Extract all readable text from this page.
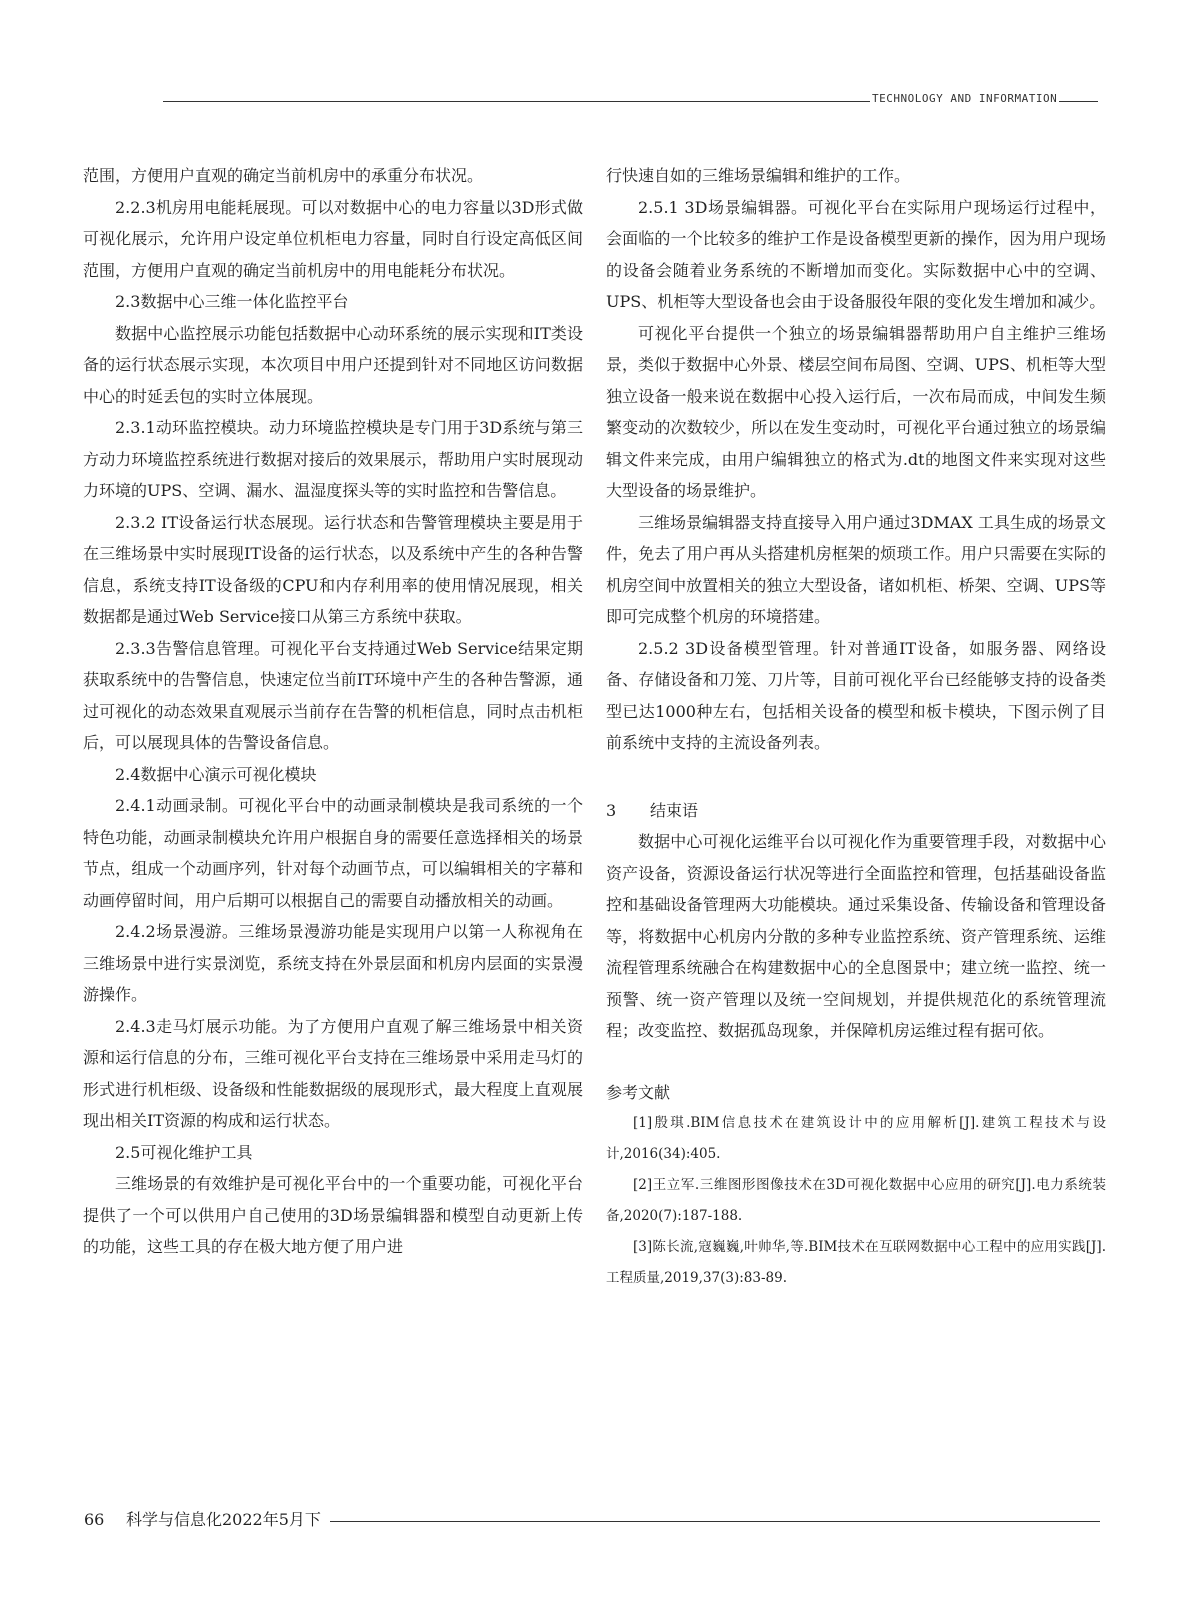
TECHNOLOGY AND INFORMATION

范围，方便用户直观的确定当前机房中的承重分布状况。

2.2.3机房用电能耗展现。可以对数据中心的电力容量以3D形式做可视化展示，允许用户设定单位机柜电力容量，同时自行设定高低区间范围，方便用户直观的确定当前机房中的用电能耗分布状况。

2.3数据中心三维一体化监控平台

数据中心监控展示功能包括数据中心动环系统的展示实现和IT类设备的运行状态展示实现，本次项目中用户还提到针对不同地区访问数据中心的时延丢包的实时立体展现。

2.3.1动环监控模块。动力环境监控模块是专门用于3D系统与第三方动力环境监控系统进行数据对接后的效果展示，帮助用户实时展现动力环境的UPS、空调、漏水、温湿度探头等的实时监控和告警信息。

2.3.2 IT设备运行状态展现。运行状态和告警管理模块主要是用于在三维场景中实时展现IT设备的运行状态，以及系统中产生的各种告警信息，系统支持IT设备级的CPU和内存利用率的使用情况展现，相关数据都是通过Web Service接口从第三方系统中获取。

2.3.3告警信息管理。可视化平台支持通过Web Service结果定期获取系统中的告警信息，快速定位当前IT环境中产生的各种告警源，通过可视化的动态效果直观展示当前存在告警的机柜信息，同时点击机柜后，可以展现具体的告警设备信息。

2.4数据中心演示可视化模块

2.4.1动画录制。可视化平台中的动画录制模块是我司系统的一个特色功能，动画录制模块允许用户根据自身的需要任意选择相关的场景节点，组成一个动画序列，针对每个动画节点，可以编辑相关的字幕和动画停留时间，用户后期可以根据自己的需要自动播放相关的动画。

2.4.2场景漫游。三维场景漫游功能是实现用户以第一人称视角在三维场景中进行实景浏览，系统支持在外景层面和机房内层面的实景漫游操作。

2.4.3走马灯展示功能。为了方便用户直观了解三维场景中相关资源和运行信息的分布，三维可视化平台支持在三维场景中采用走马灯的形式进行机柜级、设备级和性能数据级的展现形式，最大程度上直观展现出相关IT资源的构成和运行状态。

2.5可视化维护工具

三维场景的有效维护是可视化平台中的一个重要功能，可视化平台提供了一个可以供用户自己使用的3D场景编辑器和模型自动更新上传的功能，这些工具的存在极大地方便了用户进

行快速自如的三维场景编辑和维护的工作。

2.5.1 3D场景编辑器。可视化平台在实际用户现场运行过程中，会面临的一个比较多的维护工作是设备模型更新的操作，因为用户现场的设备会随着业务系统的不断增加而变化。实际数据中心中的空调、UPS、机柜等大型设备也会由于设备服役年限的变化发生增加和减少。

可视化平台提供一个独立的场景编辑器帮助用户自主维护三维场景，类似于数据中心外景、楼层空间布局图、空调、UPS、机柜等大型独立设备一般来说在数据中心投入运行后，一次布局而成，中间发生频繁变动的次数较少，所以在发生变动时，可视化平台通过独立的场景编辑文件来完成，由用户编辑独立的格式为.dt的地图文件来实现对这些大型设备的场景维护。

三维场景编辑器支持直接导入用户通过3DMAX 工具生成的场景文件，免去了用户再从头搭建机房框架的烦琐工作。用户只需要在实际的机房空间中放置相关的独立大型设备，诸如机柜、桥架、空调、UPS等即可完成整个机房的环境搭建。

2.5.2 3D设备模型管理。针对普通IT设备，如服务器、网络设备、存储设备和刀笼、刀片等，目前可视化平台已经能够支持的设备类型已达1000种左右，包括相关设备的模型和板卡模块，下图示例了目前系统中支持的主流设备列表。

3 结束语

数据中心可视化运维平台以可视化作为重要管理手段，对数据中心资产设备，资源设备运行状况等进行全面监控和管理，包括基础设备监控和基础设备管理两大功能模块。通过采集设备、传输设备和管理设备等，将数据中心机房内分散的多种专业监控系统、资产管理系统、运维流程管理系统融合在构建数据中心的全息图景中；建立统一监控、统一预警、统一资产管理以及统一空间规划，并提供规范化的系统管理流程；改变监控、数据孤岛现象，并保障机房运维过程有据可依。

参考文献

[1]殷琪.BIM信息技术在建筑设计中的应用解析[J].建筑工程技术与设计,2016(34):405.

[2]王立军.三维图形图像技术在3D可视化数据中心应用的研究[J].电力系统装备,2020(7):187-188.

[3]陈长流,寇巍巍,叶帅华,等.BIM技术在互联网数据中心工程中的应用实践[J].工程质量,2019,37(3):83-89.

66 科学与信息化2022年5月下
